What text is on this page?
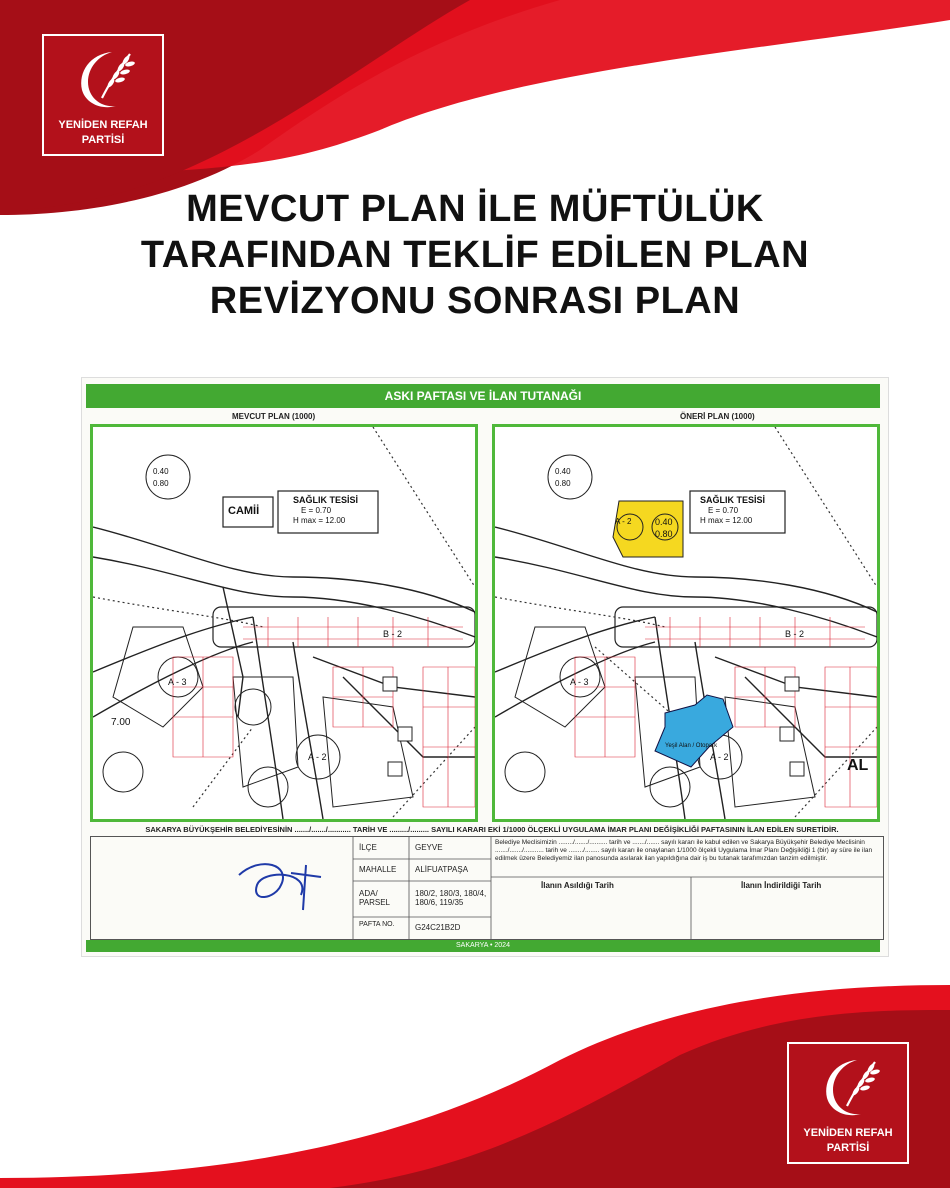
YENİDEN REFAH
PARTİSİ
MEVCUT PLAN İLE MÜFTÜLÜK
TARAFINDAN TEKLİF EDİLEN PLAN
REVİZYONU SONRASI PLAN
ASKI PAFTASI VE İLAN TUTANAĞI
MEVCUT PLAN (1000)	ÖNERİ PLAN (1000)
0.40
0.80
CAMİİ
SAĞLIK TESİSİ
E = 0.70
H max = 12.00
B - 2
A - 3
A - 2
7.00
0.40
0.80
A - 2	0.40
0.80
SAĞLIK TESİSİ
E = 0.70
H max = 12.00
B - 2
A - 3
A - 2
Yeşil Alan / Otopark
AL
SAKARYA BÜYÜKŞEHİR BELEDİYESİNİN ......./......./........... TARİH VE ........./......... SAYILI KARARI EKİ 1/1000 ÖLÇEKLİ UYGULAMA İMAR PLANI DEĞİŞİKLİĞİ PAFTASININ İLAN EDİLEN SURETİDİR.
İLÇE	GEYVE
MAHALLE ALİFUATPAŞA
ADA/ PARSEL
180/2, 180/3, 180/4, 180/6, 119/35
PAFTA NO.	G24C21B2D
Belediye Meclisimizin ......../......./.......... tarih ve ......./....... sayılı kararı ile kabul edilen ve Sakarya Büyükşehir Belediye Meclisinin ......./......./........... tarih ve ......../........ sayılı kararı ile onaylanan 1/1000 ölçekli Uygulama İmar Planı Değişikliği 1 (bir) ay süre ile ilan edilmek üzere Belediyemiz ilan panosunda asılarak ilan yapıldığına dair iş bu tutanak tarafımızdan tanzim edilmiştir.
İlanın Asıldığı Tarih	İlanın İndirildiği Tarih
SAKARYA • 2024
YENİDEN REFAH
PARTİSİ
